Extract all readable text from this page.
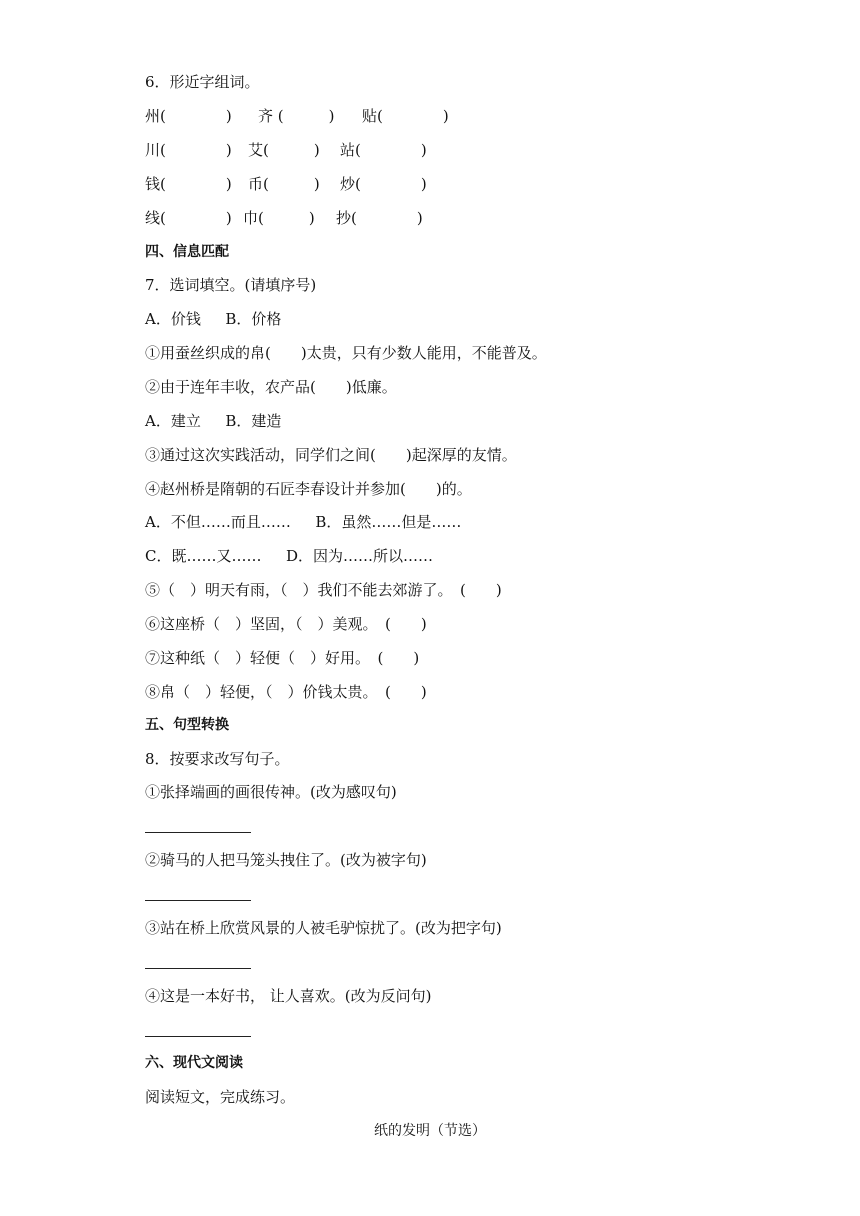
6．形近字组词。
州(　　　　) 齐 (　　　) 贴(　　　　)
川(　　　　) 艾(　　　) 站(　　　　)
钱(　　　　) 币(　　　) 炒(　　　　)
线(　　　　) 巾(　　　) 抄(　　　　)
四、信息匹配
7．选词填空。(请填序号)
A．价钱　  B．价格
①用蚕丝织成的帛(　　)太贵，只有少数人能用，不能普及。
②由于连年丰收，农产品(　　)低廉。
A．建立　  B．建造
③通过这次实践活动，同学们之间(　　)起深厚的友情。
④赵州桥是隋朝的石匠李春设计并参加(　　)的。
A．不但……而且……　  B．虽然……但是……
C．既……又……　  D．因为……所以……
⑤（　）明天有雨，（　）我们不能去郊游了。　(　　)
⑥这座桥（　）坚固，（　）美观。　(　　)
⑦这种纸（　）轻便（　）好用。　(　　)
⑧帛（　）轻便，（　）价钱太贵。　(　　)
五、句型转换
8．按要求改写句子。
①张择端画的画很传神。(改为感叹句)
②骑马的人把马笼头拽住了。(改为被字句)
③站在桥上欣赏风景的人被毛驴惊扰了。(改为把字句)
④这是一本好书， 让人喜欢。(改为反问句)
六、现代文阅读
阅读短文，完成练习。
纸的发明（节选）
